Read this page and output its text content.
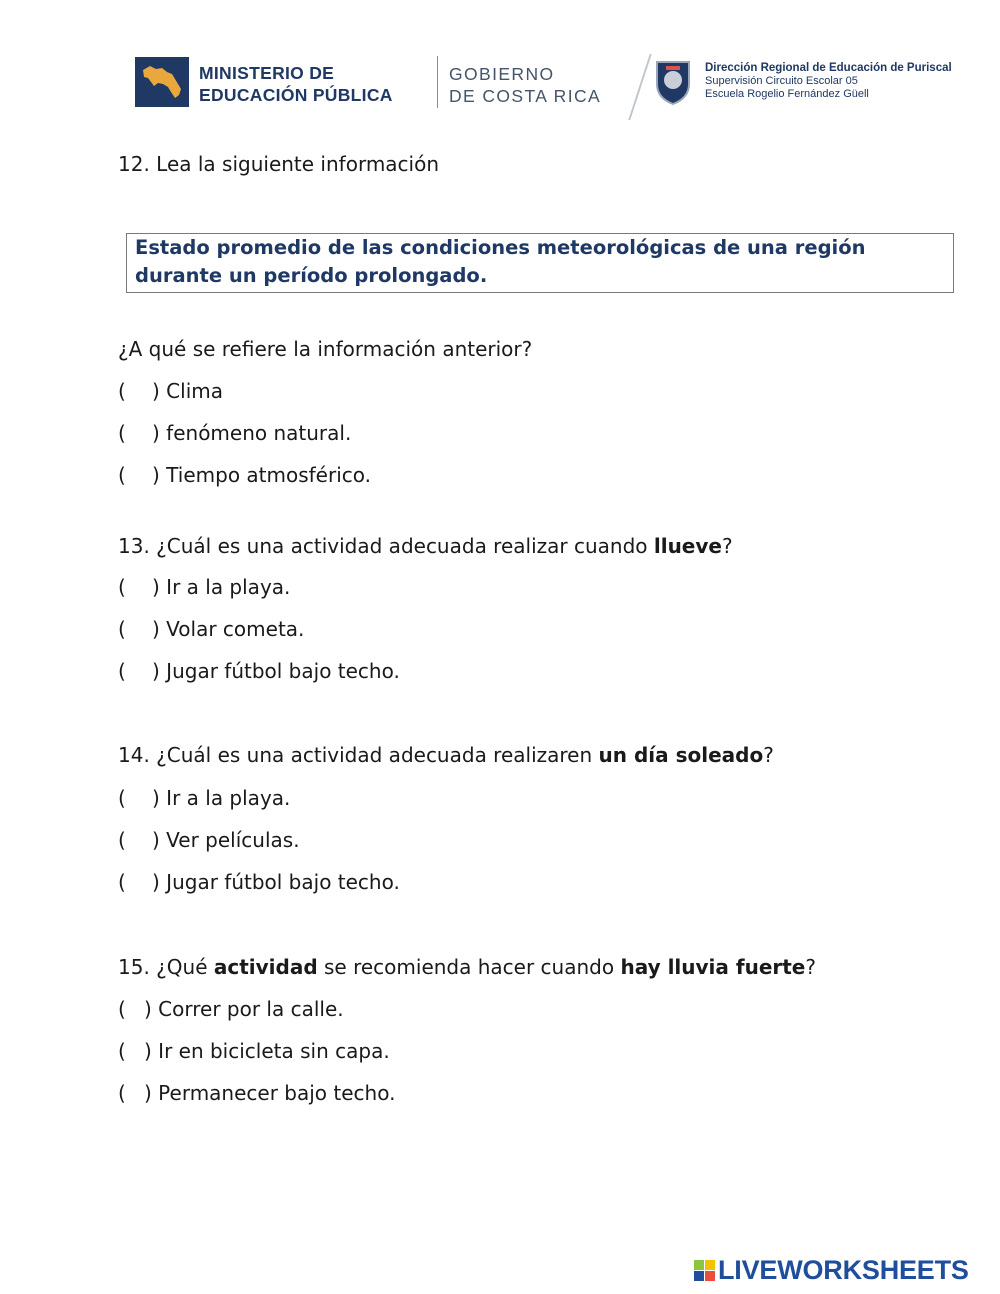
MINISTERIO DE
EDUCACIÓN PÚBLICA
GOBIERNO
DE COSTA RICA
Dirección Regional de Educación de Puriscal
Supervisión Circuito Escolar 05
Escuela Rogelio Fernández Güell
12. Lea la siguiente información
Estado promedio de las condiciones meteorológicas de una región durante un período prolongado.
¿A qué se refiere la información anterior?
( ) Clima
( ) fenómeno natural.
( ) Tiempo atmosférico.
13. ¿Cuál es una actividad adecuada realizar cuando llueve?
( ) Ir a la playa.
( ) Volar cometa.
( ) Jugar fútbol bajo techo.
14. ¿Cuál es una actividad adecuada realizaren un día soleado?
( ) Ir a la playa.
( ) Ver películas.
( ) Jugar fútbol bajo techo.
15. ¿Qué actividad se recomienda hacer cuando hay lluvia fuerte?
( ) Correr por la calle.
( ) Ir en bicicleta sin capa.
( ) Permanecer bajo techo.
LIVEWORKSHEETS
